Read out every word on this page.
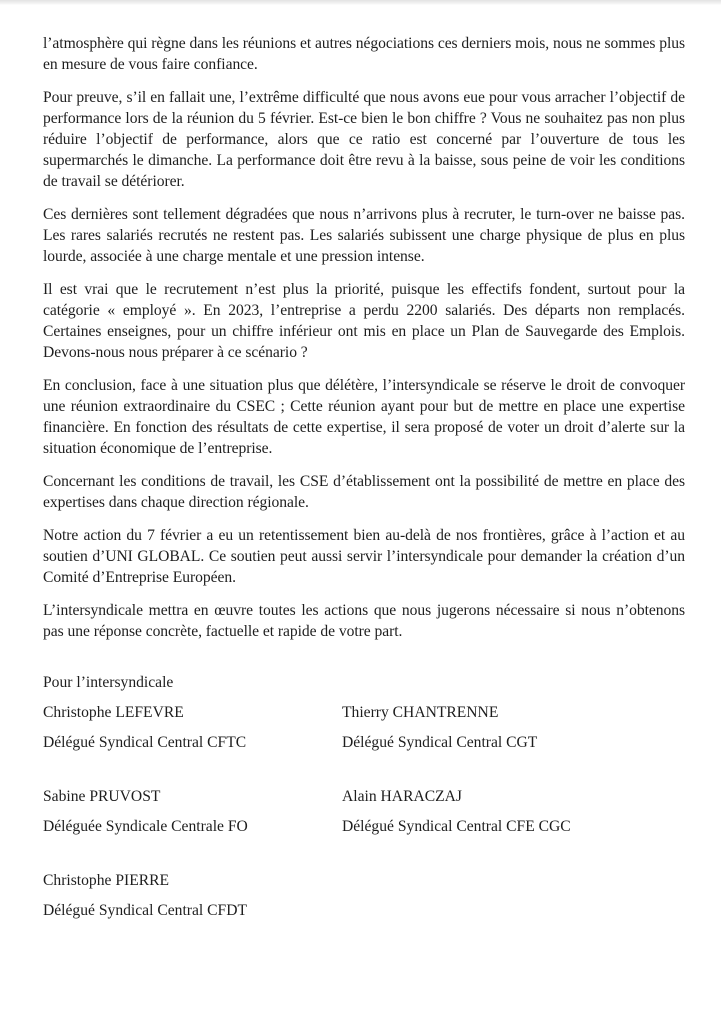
l’atmosphère qui règne dans les réunions et autres négociations ces derniers mois, nous ne sommes plus en mesure de vous faire confiance.

Pour preuve, s’il en fallait une, l’extrême difficulté que nous avons eue pour vous arracher l’objectif de performance lors de la réunion du 5 février. Est-ce bien le bon chiffre ? Vous ne souhaitez pas non plus réduire l’objectif de performance, alors que ce ratio est concerné par l’ouverture de tous les supermarchés le dimanche. La performance doit être revu à la baisse, sous peine de voir les conditions de travail se détériorer.

Ces dernières sont tellement dégradées que nous n’arrivons plus à recruter, le turn-over ne baisse pas. Les rares salariés recrutés ne restent pas. Les salariés subissent une charge physique de plus en plus lourde, associée à une charge mentale et une pression intense.

Il est vrai que le recrutement n’est plus la priorité, puisque les effectifs fondent, surtout pour la catégorie « employé ». En 2023, l’entreprise a perdu 2200 salariés. Des départs non remplacés. Certaines enseignes, pour un chiffre inférieur ont mis en place un Plan de Sauvegarde des Emplois. Devons-nous nous préparer à ce scénario ?

En conclusion, face à une situation plus que délétère, l’intersyndicale se réserve le droit de convoquer une réunion extraordinaire du CSEC ; Cette réunion ayant pour but de mettre en place une expertise financière. En fonction des résultats de cette expertise, il sera proposé de voter un droit d’alerte sur la situation économique de l’entreprise.

Concernant les conditions de travail, les CSE d’établissement ont la possibilité de mettre en place des expertises dans chaque direction régionale.

Notre action du 7 février a eu un retentissement bien au-delà de nos frontières, grâce à l’action et au soutien d’UNI GLOBAL. Ce soutien peut aussi servir l’intersyndicale pour demander la création d’un Comité d’Entreprise Européen.

L’intersyndicale mettra en œuvre toutes les actions que nous jugerons nécessaire si nous n’obtenons pas une réponse concrète, factuelle et rapide de votre part.

Pour l’intersyndicale

Christophe LEFEVRE

Délégué Syndical Central CFTC

Thierry CHANTRENNE

Délégué Syndical Central CGT

Sabine PRUVOST

Déléguée Syndicale Centrale FO

Alain HARACZAJ

Délégué Syndical Central CFE CGC

Christophe PIERRE

Délégué Syndical Central CFDT
